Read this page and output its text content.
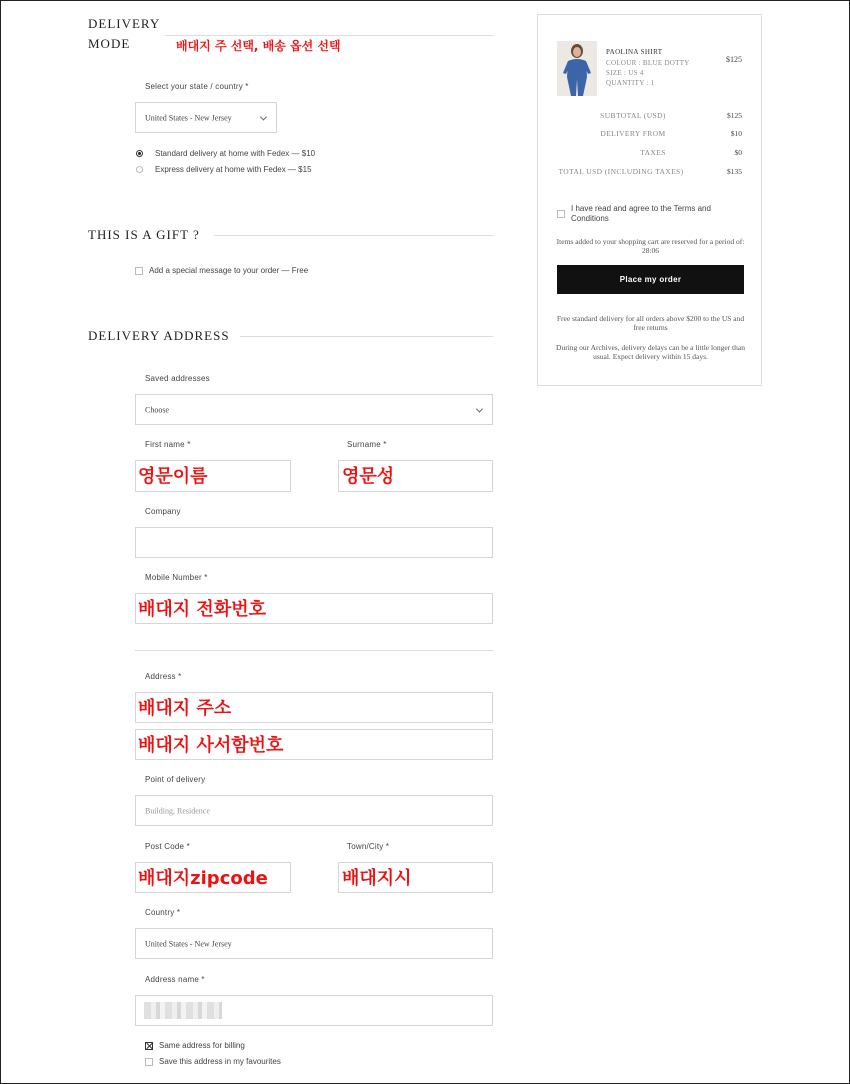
DELIVERY
MODE	배대지 주 선택, 배송 옵션 선택
Select your state / country *
United States - New Jersey
Standard delivery at home with Fedex — $10
Express delivery at home with Fedex — $15
THIS IS A GIFT ?
Add a special message to your order — Free
DELIVERY ADDRESS
Saved addresses
Choose
First name *
영문이름
Surname *
영문성
Company
Mobile Number *
배대지 전화번호
Address *
배대지 주소
배대지 사서함번호
Point of delivery
Building, Residence
Post Code *
배대지zipcode
Town/City *
배대지시
Country *
United States - New Jersey
Address name *
Same address for billing
Save this address in my favourites
PAOLINA SHIRT
COLOUR : BLUE DOTTY
SIZE : US 4
QUANTITY : 1
$125
SUBTOTAL (USD)	$125
DELIVERY FROM	$10
TAXES	$0
TOTAL USD (INCLUDING TAXES)	$135
I have read and agree to the Terms and Conditions
Items added to your shopping cart are reserved for a period of: 28:06
Place my order
Free standard delivery for all orders above $200 to the US and free returns
During our Archives, delivery delays can be a little longer than usual. Expect delivery within 15 days.
